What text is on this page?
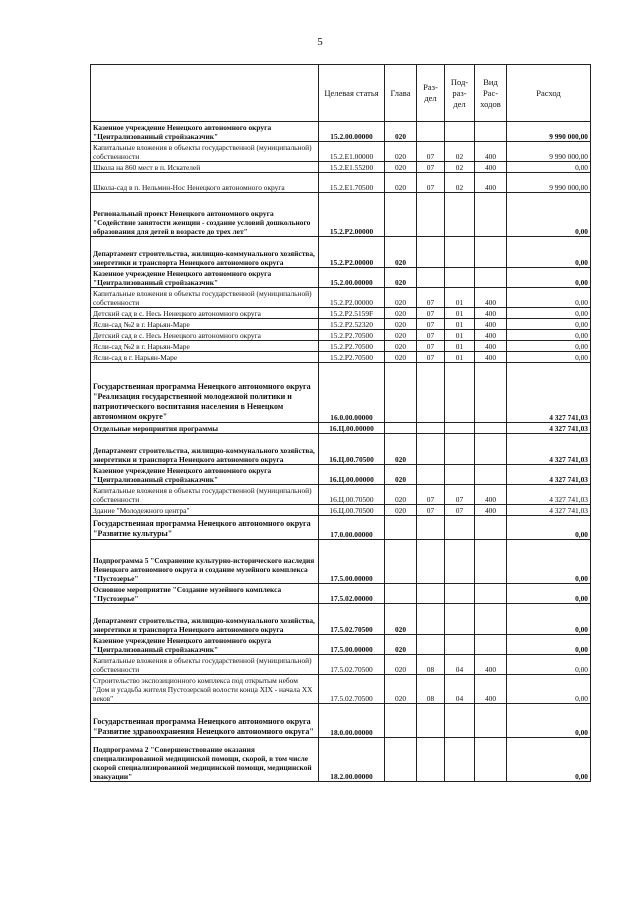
5
	Целевая статья	Глава	Раз- дел	Под- раз- дел	Вид Рас- ходов	Расход
Казенное учреждение Ненецкого автономного округа "Централизованный стройзаказчик"	15.2.00.00000	020				9 990 000,00
Капитальные вложения в объекты государственной (муниципальной) собственности	15.2.E1.00000	020	07	02	400	9 990 000,00
Школа на 860 мест в п. Искателей	15.2.E1.55200	020	07	02	400	0,00
Школа-сад в п. Нельмин-Нос Ненецкого автономного округа	15.2.E1.70500	020	07	02	400	9 990 000,00
Региональный проект Ненецкого автономного округа "Содействие занятости женщин - создание условий дошкольного образования для детей в возрасте до трех лет"	15.2.P2.00000					0,00
Департамент строительства, жилищно-коммунального хозяйства, энергетики и транспорта Ненецкого автономного округа	15.2.P2.00000	020				0,00
Казенное учреждение Ненецкого автономного округа "Централизованный стройзаказчик"	15.2.00.00000	020				0,00
Капитальные вложения в объекты государственной (муниципальной) собственности	15.2.P2.00000	020	07	01	400	0,00
Детский сад в с. Несь Ненецкого автономного округа	15.2.P2.5159F	020	07	01	400	0,00
Ясли-сад №2 в г. Нарьян-Маре	15.2.P2.52320	020	07	01	400	0,00
Детский сад в с. Несь Ненецкого автономного округа	15.2.P2.70500	020	07	01	400	0,00
Ясли-сад №2 в г. Нарьян-Маре	15.2.P2.70500	020	07	01	400	0,00
Ясли-сад в г. Нарьян-Маре	15.2.P2.70500	020	07	01	400	0,00
Государственная программа Ненецкого автономного округа "Реализация государственной молодежной политики и патриотического воспитания населения в Ненецком автономном округе"	16.0.00.00000					4 327 741,03
Отдельные мероприятия программы	16.Ц.00.00000					4 327 741,03
Департамент строительства, жилищно-коммунального хозяйства, энергетики и транспорта Ненецкого автономного округа	16.Ц.00.70500	020				4 327 741,03
Казенное учреждение Ненецкого автономного округа "Централизованный стройзаказчик"	16.Ц.00.00000	020				4 327 741,03
Капитальные вложения в объекты государственной (муниципальной) собственности	16.Ц.00.70500	020	07	07	400	4 327 741,03
Здание "Молодежного центра"	16.Ц.00.70500	020	07	07	400	4 327 741,03
Государственная программа Ненецкого автономного округа "Развитие культуры"	17.0.00.00000					0,00
Подпрограмма 5 "Сохранение культурно-исторического наследия Ненецкого автономного округа и создание музейного комплекса "Пустозерье"	17.5.00.00000					0,00
Основное мероприятие "Создание музейного комплекса "Пустозерье"	17.5.02.00000					0,00
Департамент строительства, жилищно-коммунального хозяйства, энергетики и транспорта Ненецкого автономного округа	17.5.02.70500	020				0,00
Казенное учреждение Ненецкого автономного округа "Централизованный стройзаказчик"	17.5.00.00000	020				0,00
Капитальные вложения в объекты государственной (муниципальной) собственности	17.5.02.70500	020	08	04	400	0,00
Строительство экспозиционного комплекса под открытым небом "Дом и усадьба жителя Пустозерской волости конца XIX - начала XX веков"	17.5.02.70500	020	08	04	400	0,00
Государственная программа Ненецкого автономного округа "Развитие здравоохранения Ненецкого автономного округа"	18.0.00.00000					0,00
Подпрограмма 2 "Совершенствование оказания специализированной медицинской помощи, скорой, в том числе скорой специализированной медицинской помощи, медицинской эвакуации"	18.2.00.00000					0,00
